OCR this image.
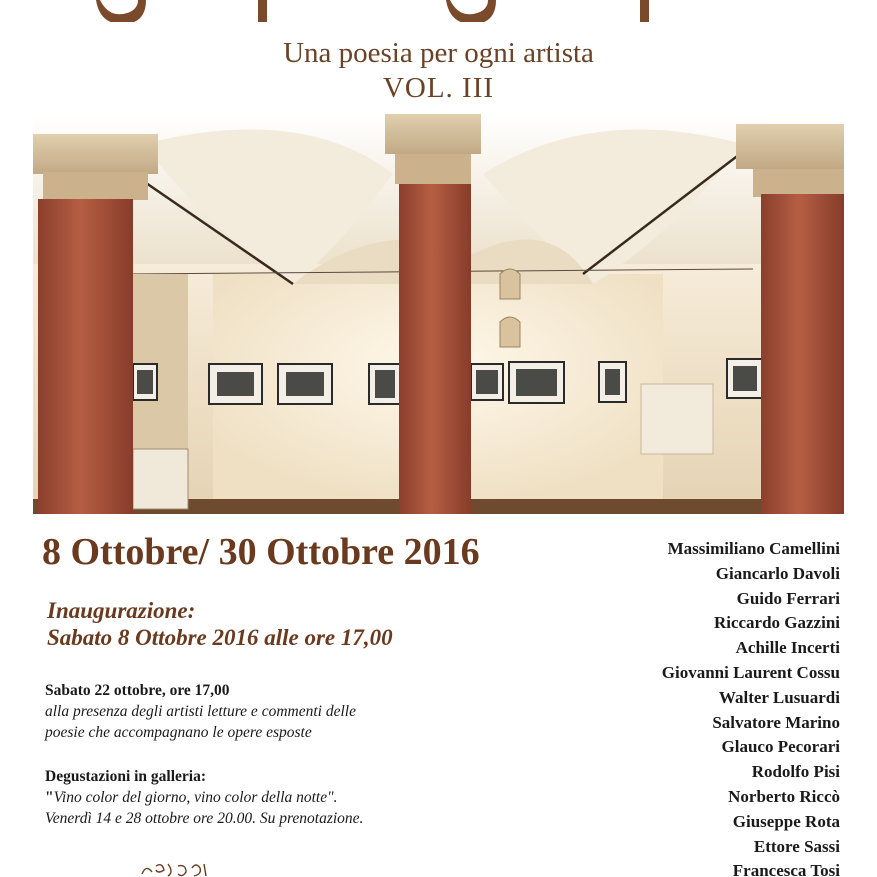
Una poesia per ogni artista
VOL. III
8 Ottobre/ 30 Ottobre 2016
Inaugurazione:
Sabato 8 Ottobre 2016 alle ore 17,00
Sabato 22 ottobre, ore 17,00
alla presenza degli artisti letture e commenti delle
poesie che accompagnano le opere esposte
Degustazioni in galleria:
"Vino color del giorno, vino color della notte".
Venerdì 14 e 28 ottobre ore 20.00. Su prenotazione.
Massimiliano Camellini
Giancarlo Davoli
Guido Ferrari
Riccardo Gazzini
Achille Incerti
Giovanni Laurent Cossu
Walter Lusuardi
Salvatore Marino
Glauco Pecorari
Rodolfo Pisi
Norberto Riccò
Giuseppe Rota
Ettore Sassi
Francesca Tosi
